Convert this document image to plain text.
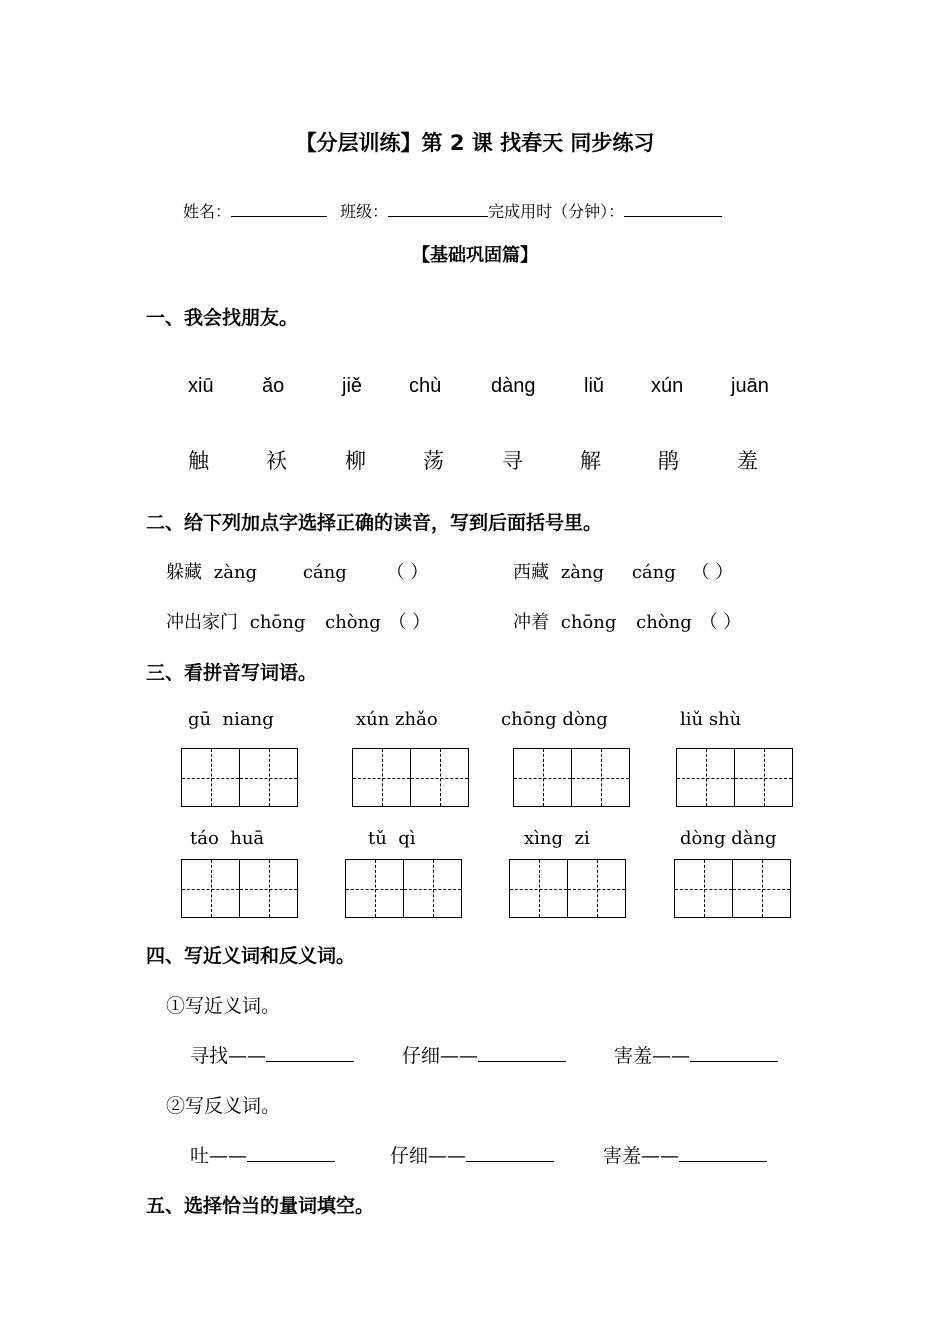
【分层训练】第 2 课 找春天 同步练习
姓名：	班级：	完成用时（分钟）：
【基础巩固篇】
一、我会找朋友。
xiū ǎo	jiě chù dàng liǔ xún juān
触	袄	柳	荡	寻	解	鹃	羞
二、给下列加点字选择正确的读音，写到后面括号里。
躲藏 zàng	cáng （ ）	西藏 zàng cáng （ ）
冲出家门 chōng chòng （ ）	冲着 chōng chòng （ ）
三、看拼音写词语。
gū  niang	xún zhǎo	chōng dòng	liǔ shù
táo  huā	tǔ  qì	xìng  zi	dòng dàng
四、写近义词和反义词。
①写近义词。
寻找——	仔细——	害羞——
②写反义词。
吐——	仔细——	害羞——
五、选择恰当的量词填空。
